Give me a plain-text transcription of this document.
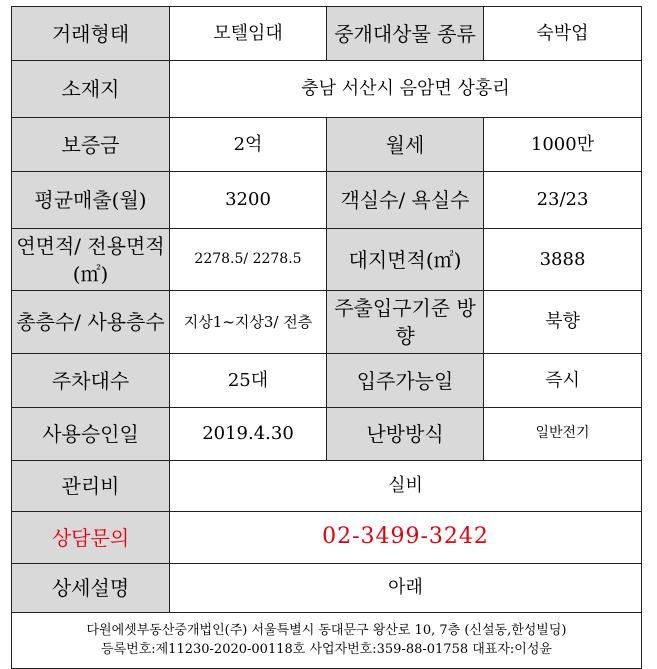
거래형태	모텔임대	중개대상물 종류	숙박업
소재지	충남 서산시 음암면 상홍리		
보증금	2억	월세	1000만
평균매출(월)	3200	객실수/ 욕실수	23/23
연면적/ 전용면적(㎡)	2278.5/ 2278.5	대지면적(㎡)	3888
총층수/ 사용층수	지상1~지상3/ 전층	주출입구기준 방향	북향
주차대수	25대	입주가능일	즉시
사용승인일	2019.4.30	난방방식	일반전기
관리비	실비		
상담문의	02-3499-3242		
상세설명	아래		

다원에셋부동산중개법인(주) 서울특별시 동대문구 왕산로 10, 7층 (신설동,한성빌딩)
등록번호:제11230-2020-00118호 사업자번호:359-88-01758 대표자:이성윤			
